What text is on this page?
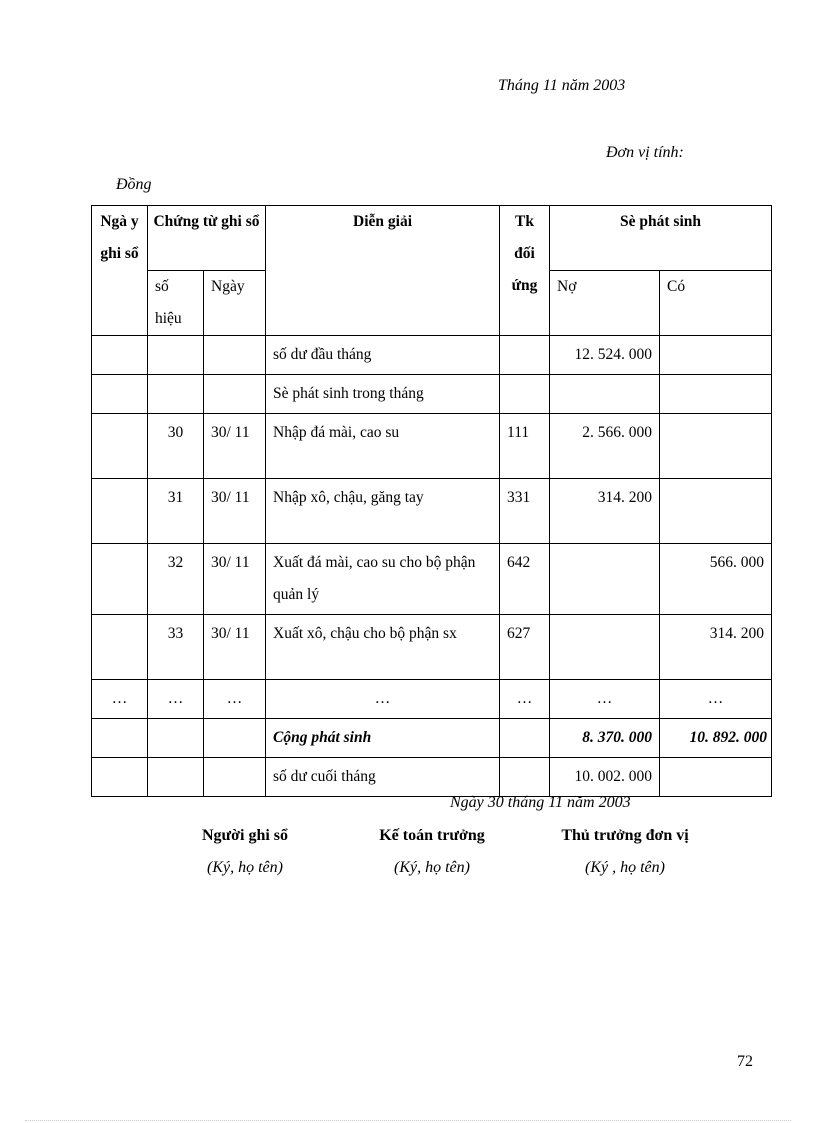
Tháng 11 năm 2003
Đơn vị tính:
Đồng
Ngà y ghi sổ	Chứng từ ghi sổ		Diễn giải	Tk đối ứng	Sè phát sinh	
	số hiệu	Ngày			Nợ	Có
			số dư đầu tháng		12. 524. 000	
			Sè phát sinh trong tháng			
	30	30/ 11	Nhập đá mài, cao su	111	2. 566. 000	
	31	30/ 11	Nhập xô, chậu, găng tay	331	314. 200	
	32	30/ 11	Xuất đá mài, cao su cho bộ phận quản lý	642		566. 000
	33	30/ 11	Xuất xô, chậu cho bộ phận sx	627		314. 200
…	…	…	…	…	…	…
			Cộng phát sinh		8. 370. 000	10. 892. 000
			số dư cuối tháng		10. 002. 000	
Ngày 30 tháng 11 năm 2003
Người ghi sổ
(Ký, họ tên)
Kế toán trưởng
(Ký, họ tên)
Thủ trưởng đơn vị
(Ký , họ tên)
72
